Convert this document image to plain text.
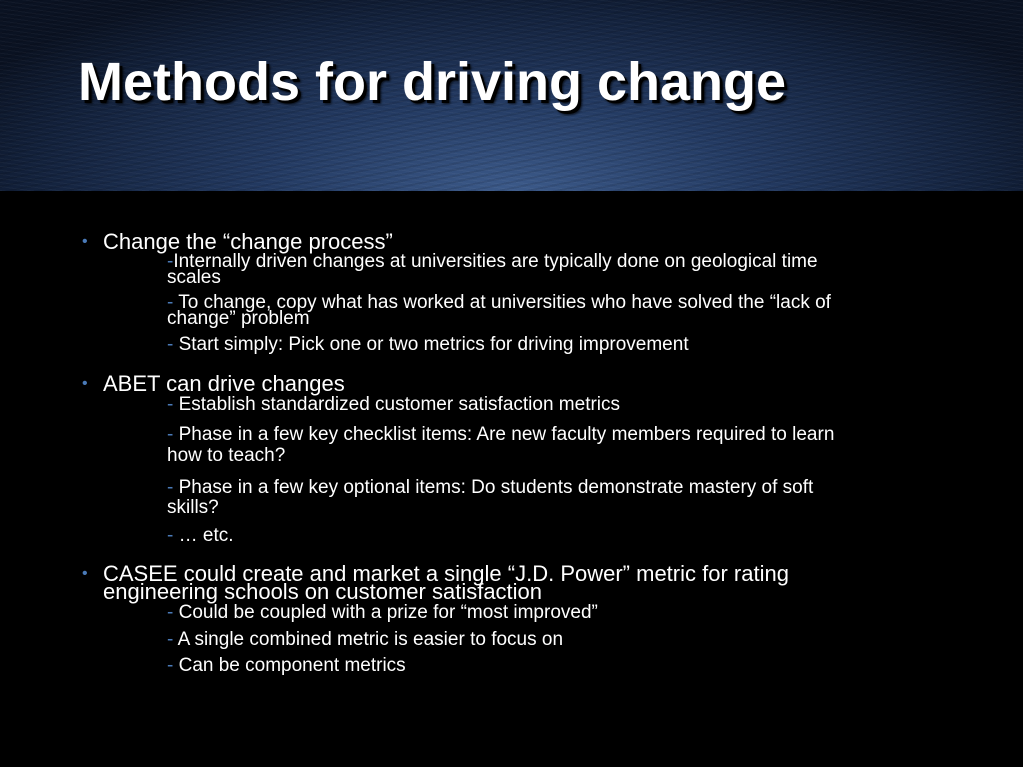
Methods for driving change
• Change the “change process”
-Internally driven changes at universities are typically done on geological time
scales
- To change, copy what has worked at universities who have solved the “lack of
change” problem
- Start simply: Pick one or two metrics for driving improvement
• ABET can drive changes
- Establish standardized customer satisfaction metrics
- Phase in a few key checklist items: Are new faculty members required to learn
how to teach?
- Phase in a few key optional items: Do students demonstrate mastery of soft
skills?
- … etc.
• CASEE could create and market a single “J.D. Power” metric for rating
engineering schools on customer satisfaction
- Could be coupled with a prize for “most improved”
- A single combined metric is easier to focus on
- Can be component metrics
